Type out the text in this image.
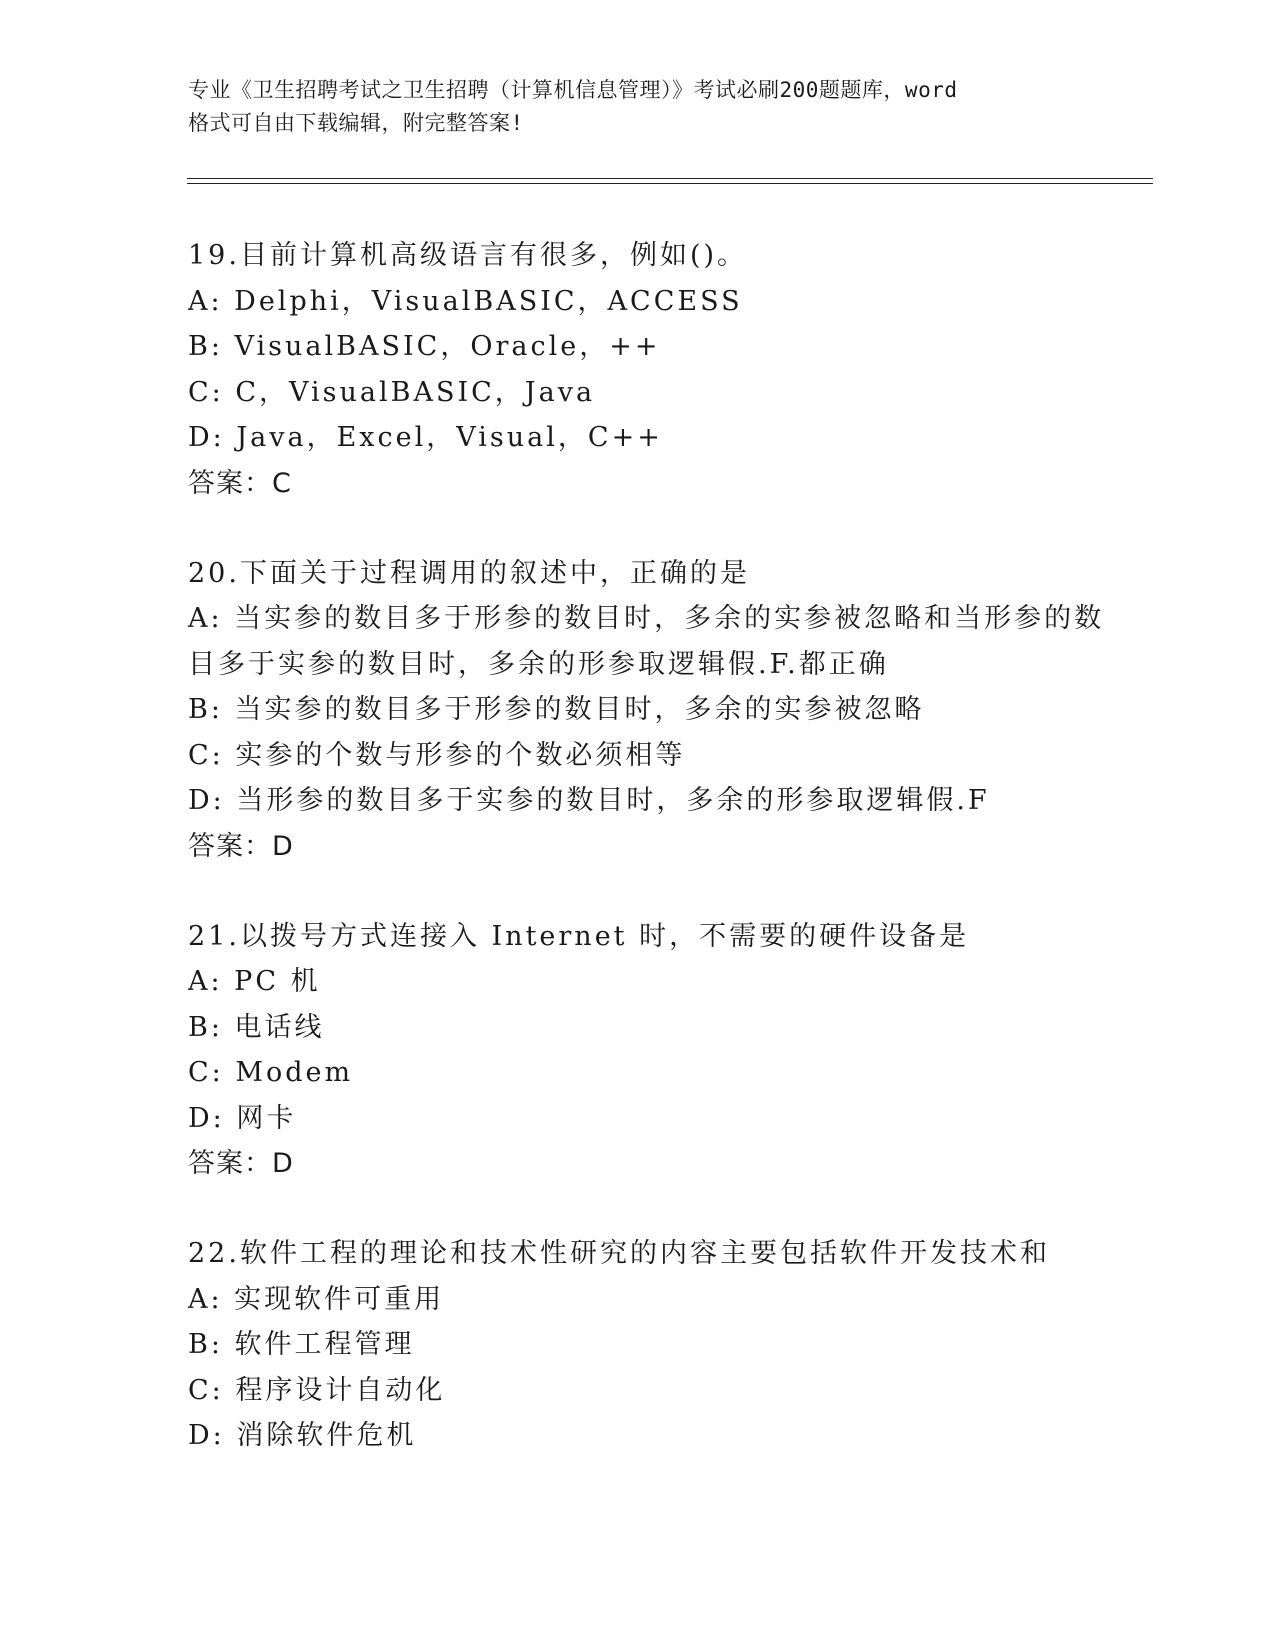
专业《卫生招聘考试之卫生招聘（计算机信息管理）》考试必刷200题题库，word
格式可自由下载编辑，附完整答案!
19.目前计算机高级语言有很多，例如()。
A: Delphi，VisualBASIC，ACCESS
B: VisualBASIC，Oracle，++
C: C，VisualBASIC，Java
D: Java，Excel，Visual，C++
答案：C
20.下面关于过程调用的叙述中，正确的是
A: 当实参的数目多于形参的数目时，多余的实参被忽略和当形参的数
目多于实参的数目时，多余的形参取逻辑假.F.都正确
B: 当实参的数目多于形参的数目时，多余的实参被忽略
C: 实参的个数与形参的个数必须相等
D: 当形参的数目多于实参的数目时，多余的形参取逻辑假.F
答案：D
21.以拨号方式连接入 Internet 时，不需要的硬件设备是
A: PC 机
B: 电话线
C: Modem
D: 网卡
答案：D
22.软件工程的理论和技术性研究的内容主要包括软件开发技术和
A: 实现软件可重用
B: 软件工程管理
C: 程序设计自动化
D: 消除软件危机
